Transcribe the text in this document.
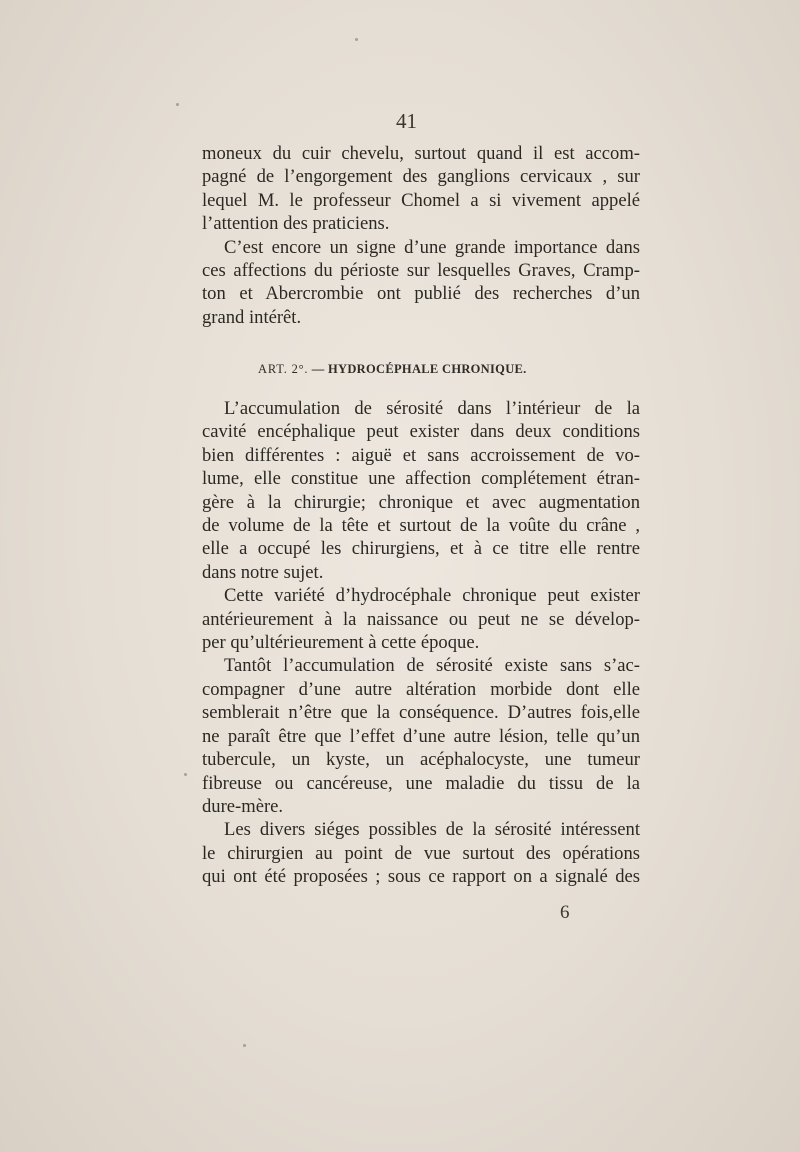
41
moneux du cuir chevelu, surtout quand il est accom-
pagné de l’engorgement des ganglions cervicaux , sur
lequel M. le professeur Chomel a si vivement appelé
l’attention des praticiens.
C’est encore un signe d’une grande importance dans
ces affections du périoste sur lesquelles Graves, Cramp-
ton et Abercrombie ont publié des recherches d’un
grand intérêt.
ART. 2°. — HYDROCÉPHALE CHRONIQUE.
L’accumulation de sérosité dans l’intérieur de la
cavité encéphalique peut exister dans deux conditions
bien différentes : aiguë et sans accroissement de vo-
lume, elle constitue une affection complétement étran-
gère à la chirurgie; chronique et avec augmentation
de volume de la tête et surtout de la voûte du crâne ,
elle a occupé les chirurgiens, et à ce titre elle rentre
dans notre sujet.
Cette variété d’hydrocéphale chronique peut exister
antérieurement à la naissance ou peut ne se dévelop-
per qu’ultérieurement à cette époque.
Tantôt l’accumulation de sérosité existe sans s’ac-
compagner d’une autre altération morbide dont elle
semblerait n’être que la conséquence. D’autres fois,elle
ne paraît être que l’effet d’une autre lésion, telle qu’un
tubercule, un kyste, un acéphalocyste, une tumeur
fibreuse ou cancéreuse, une maladie du tissu de la
dure-mère.
Les divers siéges possibles de la sérosité intéressent
le chirurgien au point de vue surtout des opérations
qui ont été proposées ; sous ce rapport on a signalé des
6
